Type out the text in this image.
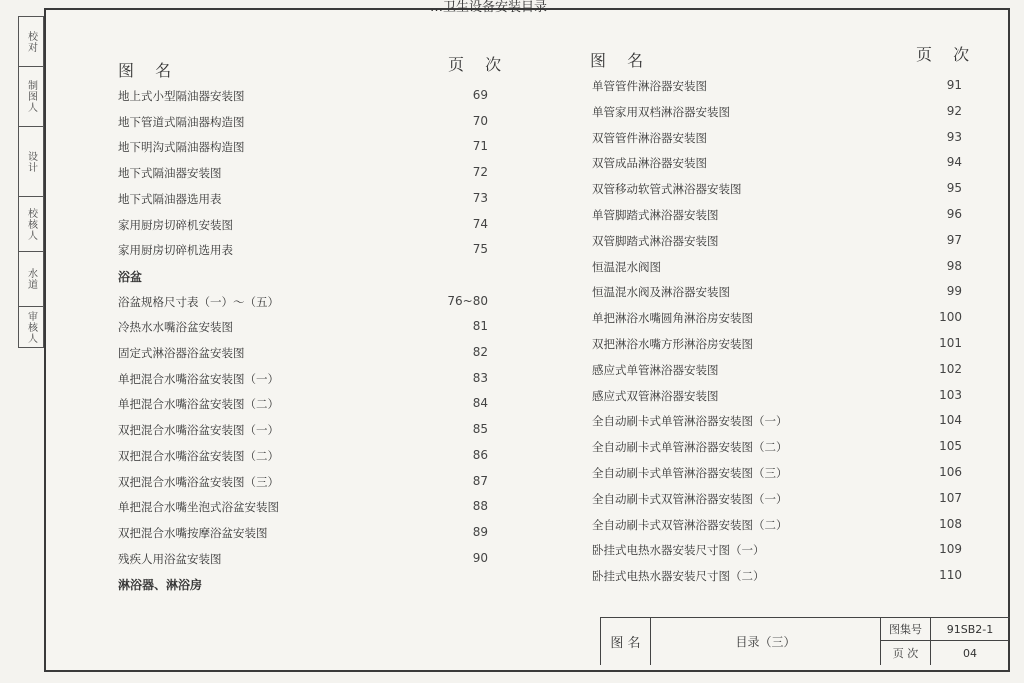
…卫生设备安装目录
校对
制图人
设计
校核人
水道
审核人
图 名	页 次
地上式小型隔油器安装图	69
地下管道式隔油器构造图	70
地下明沟式隔油器构造图	71
地下式隔油器安装图	72
地下式隔油器选用表	73
家用厨房切碎机安装图	74
家用厨房切碎机选用表	75
浴盆
浴盆规格尺寸表（一）～（五）	76~80
冷热水水嘴浴盆安装图	81
固定式淋浴器浴盆安装图	82
单把混合水嘴浴盆安装图（一）	83
单把混合水嘴浴盆安装图（二）	84
双把混合水嘴浴盆安装图（一）	85
双把混合水嘴浴盆安装图（二）	86
双把混合水嘴浴盆安装图（三）	87
单把混合水嘴坐泡式浴盆安装图	88
双把混合水嘴按摩浴盆安装图	89
残疾人用浴盆安装图	90
淋浴器、淋浴房
图 名	页 次
单管管件淋浴器安装图	91
单管家用双档淋浴器安装图	92
双管管件淋浴器安装图	93
双管成品淋浴器安装图	94
双管移动软管式淋浴器安装图	95
单管脚踏式淋浴器安装图	96
双管脚踏式淋浴器安装图	97
恒温混水阀图	98
恒温混水阀及淋浴器安装图	99
单把淋浴水嘴圆角淋浴房安装图	100
双把淋浴水嘴方形淋浴房安装图	101
感应式单管淋浴器安装图	102
感应式双管淋浴器安装图	103
全自动刷卡式单管淋浴器安装图（一）	104
全自动刷卡式单管淋浴器安装图（二）	105
全自动刷卡式单管淋浴器安装图（三）	106
全自动刷卡式双管淋浴器安装图（一）	107
全自动刷卡式双管淋浴器安装图（二）	108
卧挂式电热水器安装尺寸图（一）	109
卧挂式电热水器安装尺寸图（二）	110
图 名	目录（三）
图集号	91SB2-1
页 次	04
